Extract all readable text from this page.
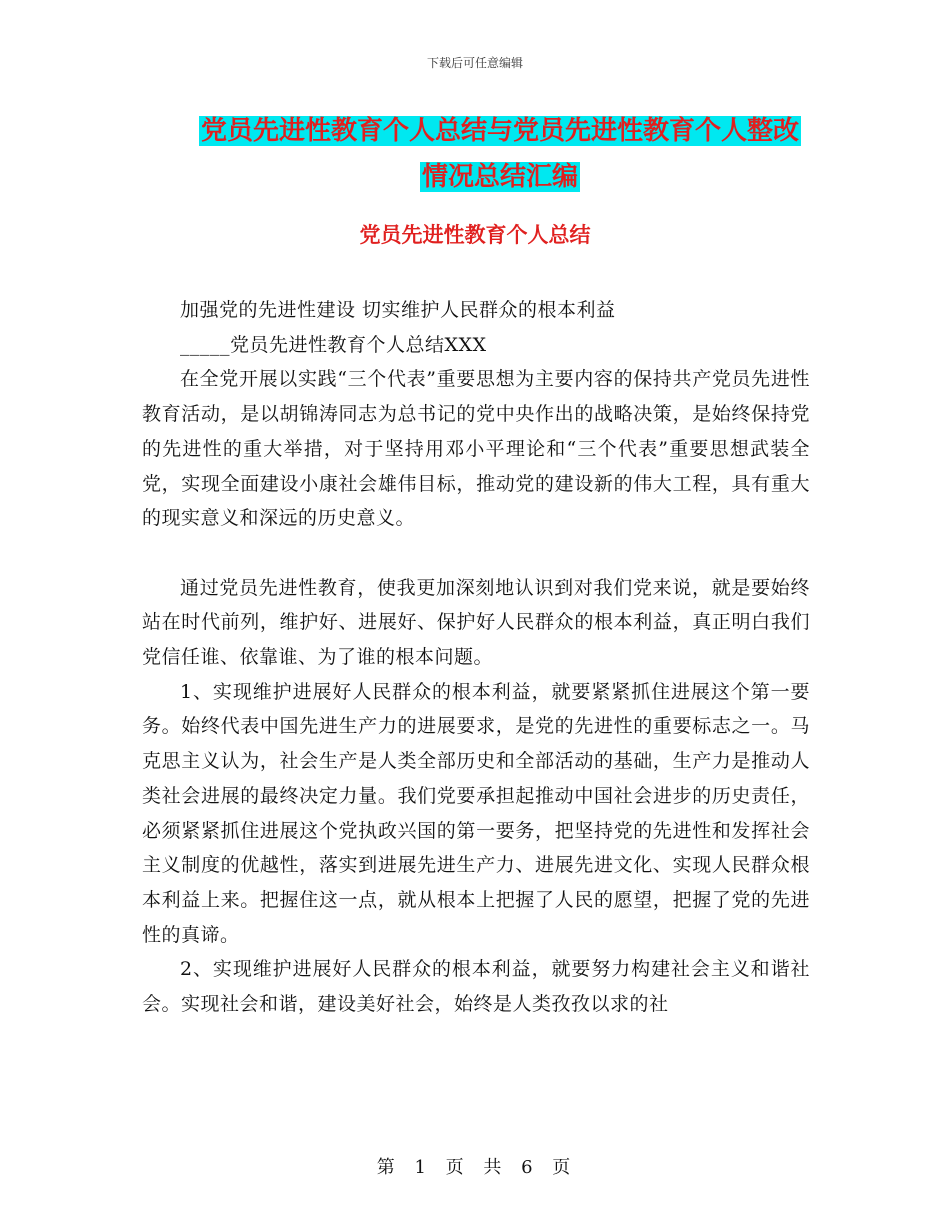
下载后可任意编辑
党员先进性教育个人总结与党员先进性教育个人整改
情况总结汇编
党员先进性教育个人总结

加强党的先进性建设 切实维护人民群众的根本利益

_____党员先进性教育个人总结XXX

在全党开展以实践“三个代表”重要思想为主要内容的保持共产党员先进性教育活动，是以胡锦涛同志为总书记的党中央作出的战略决策，是始终保持党的先进性的重大举措，对于坚持用邓小平理论和“三个代表”重要思想武装全党，实现全面建设小康社会雄伟目标，推动党的建设新的伟大工程，具有重大的现实意义和深远的历史意义。

通过党员先进性教育，使我更加深刻地认识到对我们党来说，就是要始终站在时代前列，维护好、进展好、保护好人民群众的根本利益，真正明白我们党信任谁、依靠谁、为了谁的根本问题。

1、实现维护进展好人民群众的根本利益，就要紧紧抓住进展这个第一要务。始终代表中国先进生产力的进展要求，是党的先进性的重要标志之一。马克思主义认为，社会生产是人类全部历史和全部活动的基础，生产力是推动人类社会进展的最终决定力量。我们党要承担起推动中国社会进步的历史责任，必须紧紧抓住进展这个党执政兴国的第一要务，把坚持党的先进性和发挥社会主义制度的优越性，落实到进展先进生产力、进展先进文化、实现人民群众根本利益上来。把握住这一点，就从根本上把握了人民的愿望，把握了党的先进性的真谛。

2、实现维护进展好人民群众的根本利益，就要努力构建社会主义和谐社会。实现社会和谐，建设美好社会，始终是人类孜孜以求的社

第 1 页 共 6 页
